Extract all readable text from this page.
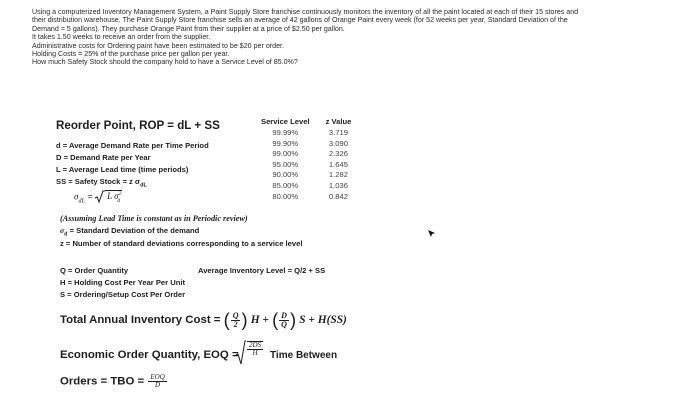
Using a computerized Inventory Management System, a Paint Supply Store franchise continuously monitors the inventory of all the paint located at each of their 15 stores and

their distribution warehouse. The Paint Supply Store franchise sells an average of 42 gallons of Orange Paint every week (for 52 weeks per year, Standard Deviation of the

Demand = 5 gallons). They purchase Orange Paint from their supplier at a price of $2.50 per gallon.

It takes 1.50 weeks to receive an order from the supplier.

Administrative costs for Ordering paint have been estimated to be $20 per order.

Holding Costs = 25% of the purchase price per gallon per year.

How much Safety Stock should the company hold to have a Service Level of 85.0%?

Reorder Point, ROP = dL + SS
d = Average Demand Rate per Time Period
D = Demand Rate per Year
L = Average Lead time (time periods)
SS = Safety Stock = z $\sigma_{dL}$
$\sigma_{dL} = L$ $\sigma^2_d$
(Assuming Lead Time is constant as in Periodic review)
$\sigma_d$ = Standard Deviation of the demand
z = Number of standard deviations corresponding to a service level
Service Level	z Value
99.99%	3.719
99.90%	3.090
99.00%	2.326
95.00%	1.645
90.00%	1.282
85.00%	1.036
80.00%	0.842
Q = Order Quantity	Average Inventory Level = Q/2 + SS
H = Holding Cost Per Year Per Unit
S = Ordering/Setup Cost Per Order
Total Annual Inventory Cost = ( $\frac{Q}{2}$ ) H + ( $\frac{D}{Q}$ ) S + H(SS)
Economic Order Quantity, EOQ = $\frac{2DS}{H}$ Time Between
Orders = TBO = $\frac{\text{EOQ}}{D}$
